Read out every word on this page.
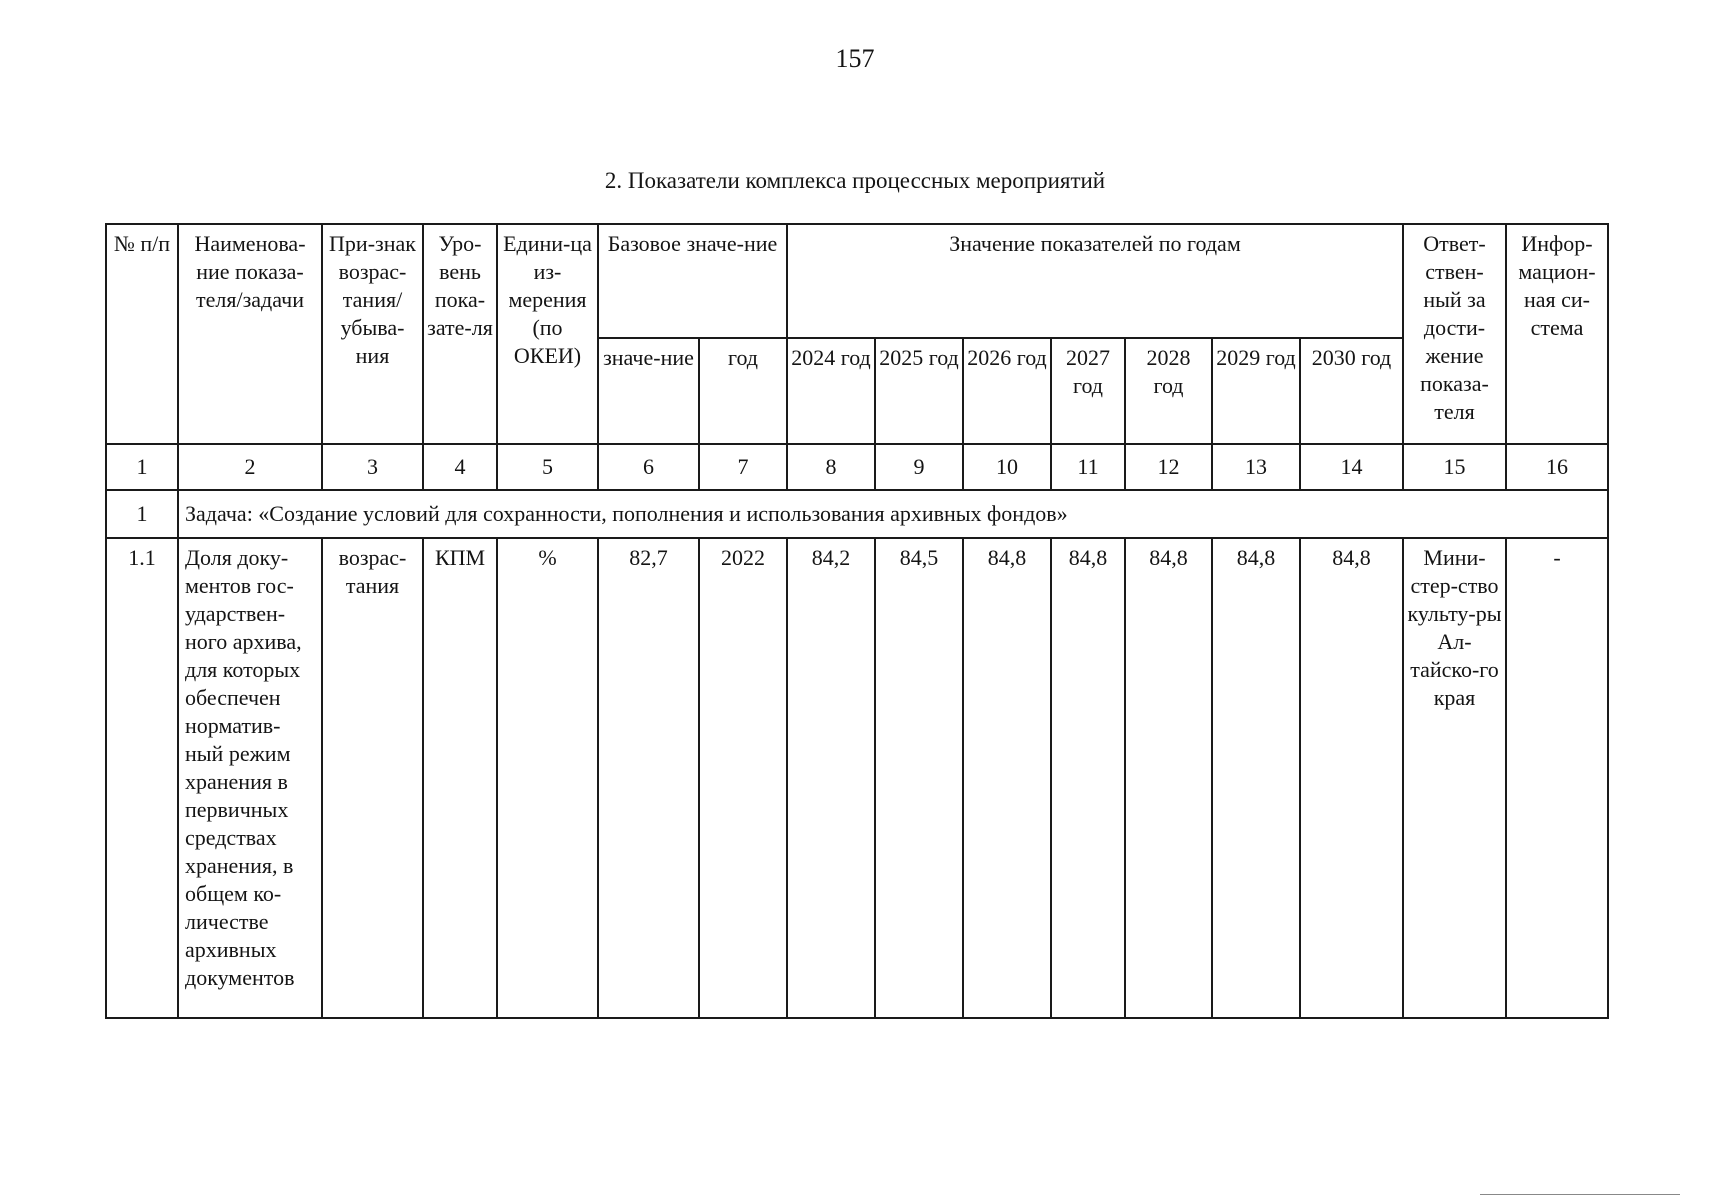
157
2. Показатели комплекса процессных мероприятий
№ п/п	Наименова-ние показа-теля/задачи	При-знак возрас-тания/ убыва-ния	Уро-вень пока-зате-ля	Едини-ца из-мерения (по ОКЕИ)	Базовое значе-ние		Значение показателей по годам							Ответ-ствен-ный за дости-жение показа-теля	Инфор-мацион-ная си-стема
					значе-ние	год	2024 год	2025 год	2026 год	2027 год	2028 год	2029 год	2030 год		
1	2	3	4	5	6	7	8	9	10	11	12	13	14	15	16
1	Задача: «Создание условий для сохранности, пополнения и использования архивных фондов»														
1.1	Доля доку-ментов гос-ударствен-ного архива, для которых обеспечен норматив-ный режим хранения в первичных средствах хранения, в общем ко-личестве архивных документов	возрас-тания	КПМ	%	82,7	2022	84,2	84,5	84,8	84,8	84,8	84,8	84,8	Мини-стер-ство культу-ры Ал-тайско-го края	-
